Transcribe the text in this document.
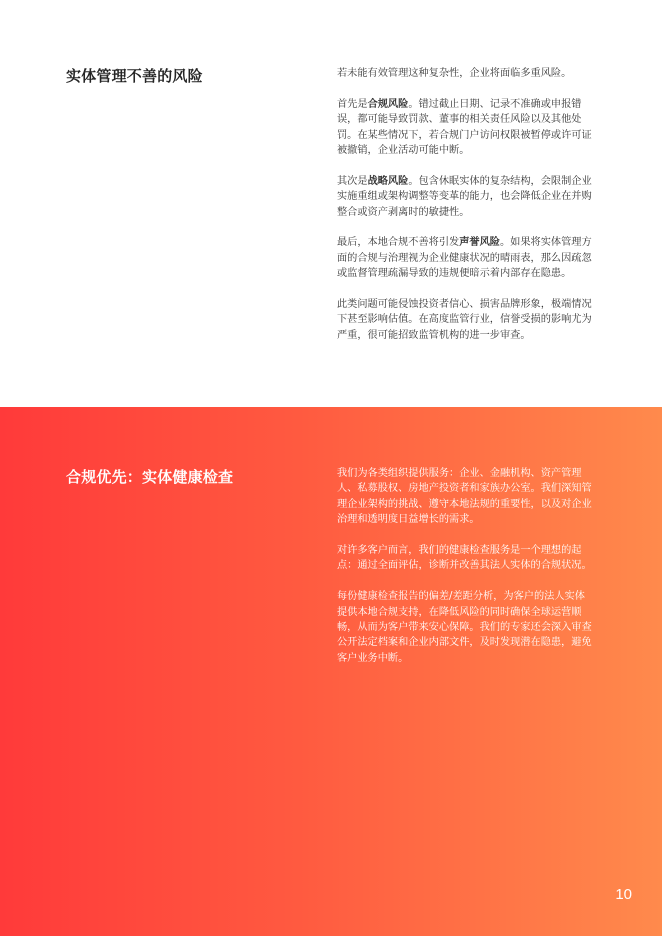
实体管理不善的风险	若未能有效管理这种复杂性，企业将面临多重风险。

首先是合规风险。错过截止日期、记录不准确或申报错误，都可能导致罚款、董事的相关责任风险以及其他处罚。在某些情况下，若合规门户访问权限被暂停或许可证被撤销，企业活动可能中断。

其次是战略风险。包含休眠实体的复杂结构，会限制企业实施重组或架构调整等变革的能力，也会降低企业在并购整合或资产剥离时的敏捷性。

最后，本地合规不善将引发声誉风险。如果将实体管理方面的合规与治理视为企业健康状况的晴雨表，那么因疏忽或监督管理疏漏导致的违规便暗示着内部存在隐患。

此类问题可能侵蚀投资者信心、损害品牌形象，极端情况下甚至影响估值。在高度监管行业，信誉受损的影响尤为严重，很可能招致监管机构的进一步审查。

合规优先：实体健康检查	我们为各类组织提供服务：企业、金融机构、资产管理人、私募股权、房地产投资者和家族办公室。我们深知管理企业架构的挑战、遵守本地法规的重要性，以及对企业治理和透明度日益增长的需求。

对许多客户而言，我们的健康检查服务是一个理想的起点：通过全面评估，诊断并改善其法人实体的合规状况。

每份健康检查报告的偏差/差距分析，为客户的法人实体提供本地合规支持，在降低风险的同时确保全球运营顺畅，从而为客户带来安心保障。我们的专家还会深入审查公开法定档案和企业内部文件，及时发现潜在隐患，避免客户业务中断。

10
